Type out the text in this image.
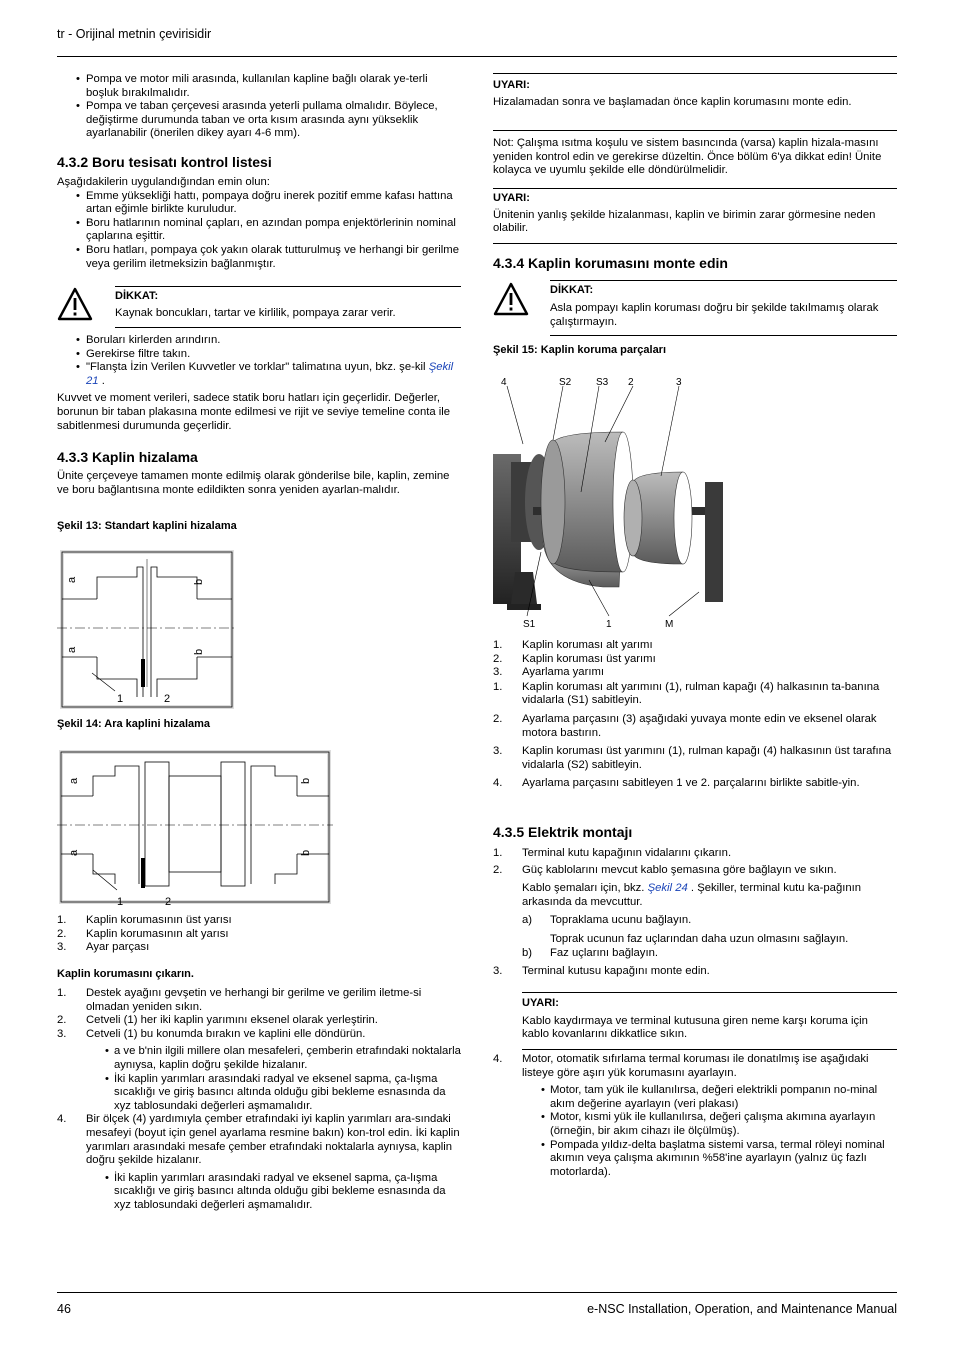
tr - Orijinal metnin çevirisidir
• Pompa ve motor mili arasında, kullanılan kapline bağlı olarak ye-terli boşluk bırakılmalıdır.
• Pompa ve taban çerçevesi arasında yeterli pullama olmalıdır. Böylece, değiştirme durumunda taban ve orta kısım arasında aynı yükseklik ayarlanabilir (önerilen dikey ayarı 4-6 mm).
4.3.2 Boru tesisatı kontrol listesi
Aşağıdakilerin uygulandığından emin olun:
• Emme yüksekliği hattı, pompaya doğru inerek pozitif emme kafası hattına artan eğimle birlikte kuruludur.
• Boru hatlarının nominal çapları, en azından pompa enjektörlerinin nominal çaplarına eşittir.
• Boru hatları, pompaya çok yakın olarak tutturulmuş ve herhangi bir gerilme veya gerilim iletmeksizin bağlanmıştır.
DİKKAT:
Kaynak boncukları, tartar ve kirlilik, pompaya zarar verir.
• Boruları kirlerden arındırın.
• Gerekirse filtre takın.
• "Flanşta İzin Verilen Kuvvetler ve torklar" talimatına uyun, bkz. şe-kil Şekil 21 .
Kuvvet ve moment verileri, sadece statik boru hatları için geçerlidir. Değerler, borunun bir taban plakasına monte edilmesi ve rijit ve seviye temeline conta ile sabitlenmesi durumunda geçerlidir.
4.3.3 Kaplin hizalama
Ünite çerçeveye tamamen monte edilmiş olarak gönderilse bile, kaplin, zemine ve boru bağlantısına monte edildikten sonra yeniden ayarlan-malıdır.
Şekil 13: Standart kaplini hizalama
a
a
b
b
1	2
Şekil 14: Ara kaplini hizalama
a
a
b
b
1	2
1. Kaplin korumasının üst yarısı
2. Kaplin korumasının alt yarısı
3. Ayar parçası
Kaplin korumasını çıkarın.
1. Destek ayağını gevşetin ve herhangi bir gerilme ve gerilim iletme-si olmadan yeniden sıkın.
2. Cetveli (1) her iki kaplin yarımını eksenel olarak yerleştirin.
3. Cetveli (1) bu konumda bırakın ve kaplini elle döndürün.
• a ve b'nin ilgili millere olan mesafeleri, çemberin etrafındaki noktalarla aynıysa, kaplin doğru şekilde hizalanır.
• İki kaplin yarımları arasındaki radyal ve eksenel sapma, ça-lışma sıcaklığı ve giriş basıncı altında olduğu gibi bekleme esnasında da xyz tablosundaki değerleri aşmamalıdır.
4. Bir ölçek (4) yardımıyla çember etrafındaki iyi kaplin yarımları ara-sındaki mesafeyi (boyut için genel ayarlama resmine bakın) kon-trol edin. İki kaplin yarımları arasındaki mesafe çember etrafındaki noktalarla aynıysa, kaplin doğru şekilde hizalanır.
• İki kaplin yarımları arasındaki radyal ve eksenel sapma, ça-lışma sıcaklığı ve giriş basıncı altında olduğu gibi bekleme esnasında da xyz tablosundaki değerleri aşmamalıdır.
UYARI:
Hizalamadan sonra ve başlamadan önce kaplin korumasını monte edin.
Not: Çalışma ısıtma koşulu ve sistem basıncında (varsa) kaplin hizala-masını yeniden kontrol edin ve gerekirse düzeltin. Önce bölüm 6'ya dikkat edin! Ünite kolayca ve uyumlu şekilde elle döndürülmelidir.
UYARI:
Ünitenin yanlış şekilde hizalanması, kaplin ve birimin zarar görmesine neden olabilir.
4.3.4 Kaplin korumasını monte edin
DİKKAT:
Asla pompayı kaplin koruması doğru bir şekilde takılmamış olarak çalıştırmayın.
Şekil 15: Kaplin koruma parçaları
4	S2 S3 2	3
S1	1	M
1. Kaplin koruması alt yarımı
2. Kaplin koruması üst yarımı
3. Ayarlama yarımı
1. Kaplin koruması alt yarımını (1), rulman kapağı (4) halkasının ta-banına vidalarla (S1) sabitleyin.
2. Ayarlama parçasını (3) aşağıdaki yuvaya monte edin ve eksenel olarak motora bastırın.
3. Kaplin koruması üst yarımını (1), rulman kapağı (4) halkasının üst tarafına vidalarla (S2) sabitleyin.
4. Ayarlama parçasını sabitleyen 1 ve 2. parçalarını birlikte sabitle-yin.
4.3.5 Elektrik montajı
1. Terminal kutu kapağının vidalarını çıkarın.
2. Güç kablolarını mevcut kablo şemasına göre bağlayın ve sıkın.
Kablo şemaları için, bkz. Şekil 24 . Şekiller, terminal kutu ka-pağının arkasında da mevcuttur.
a) Topraklama ucunu bağlayın.
Toprak ucunun faz uçlarından daha uzun olmasını sağlayın.
b) Faz uçlarını bağlayın.
3. Terminal kutusu kapağını monte edin.
UYARI:
Kablo kaydırmaya ve terminal kutusuna giren neme karşı koruma için kablo kovanlarını dikkatlice sıkın.
4. Motor, otomatik sıfırlama termal koruması ile donatılmış ise aşağıdaki listeye göre aşırı yük korumasını ayarlayın.
• Motor, tam yük ile kullanılırsa, değeri elektrikli pompanın no-minal akım değerine ayarlayın (veri plakası)
• Motor, kısmi yük ile kullanılırsa, değeri çalışma akımına ayarlayın (örneğin, bir akım cihazı ile ölçülmüş).
• Pompada yıldız-delta başlatma sistemi varsa, termal röleyi nominal akımın veya çalışma akımının %58'ine ayarlayın (yalnız üç fazlı motorlarda).
46	e-NSC Installation, Operation, and Maintenance Manual
